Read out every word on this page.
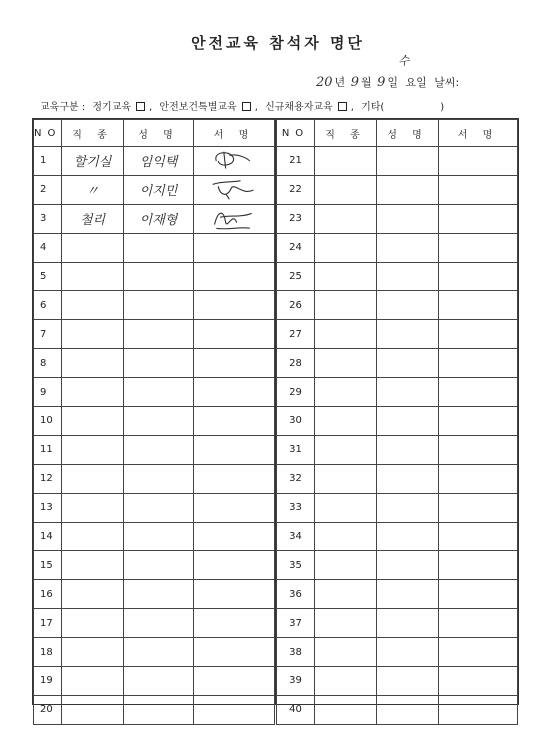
안전교육 참석자 명단
수
20 년 9 월 9 일 요일 날씨:
교육구분 : 정기교육 , 안전보건특별교육 , 신규채용자교육 , 기타(	)
NO	직 종	성 명	서 명
1	할기실	임익택	

2	〃	이지민	

3	철리	이재형	

4			
5			
6			
7			
8			
9			
10			
11			
12			
13			
14			
15			
16			
17			
18			
19			
20			
NO	직 종	성 명	서 명
21			
22			
23			
24			
25			
26			
27			
28			
29			
30			
31			
32			
33			
34			
35			
36			
37			
38			
39			
40			
